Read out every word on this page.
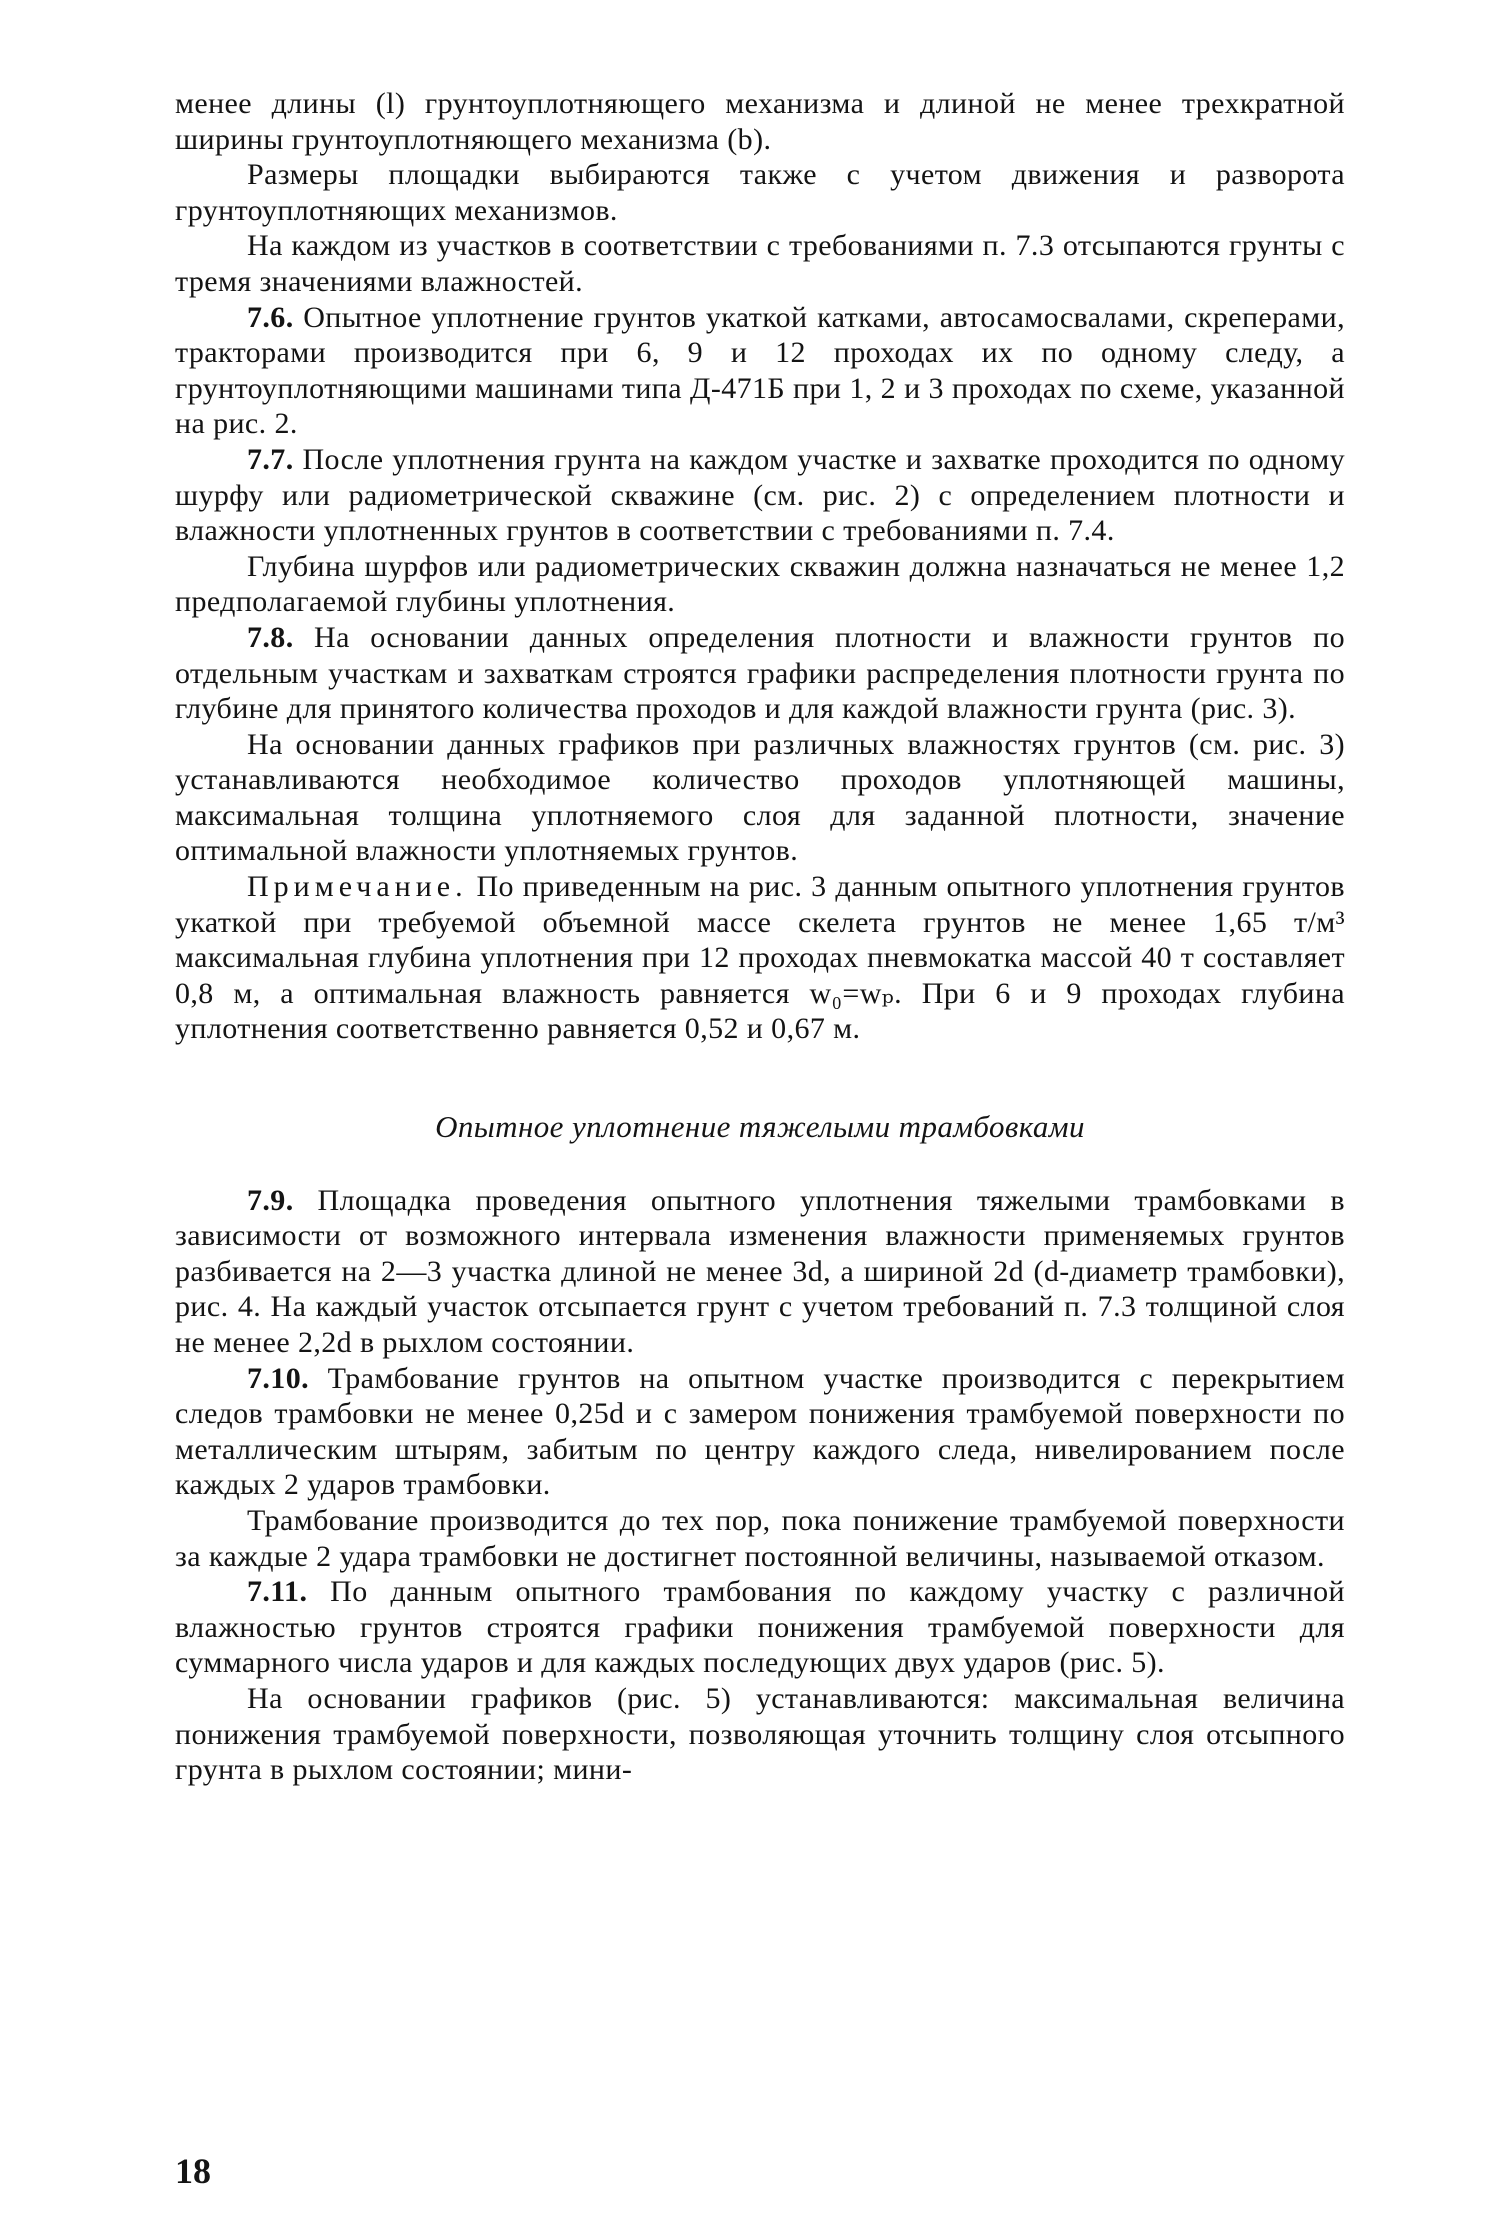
менее длины (l) грунтоуплотняющего механизма и длиной не менее трехкратной ширины грунтоуплотняющего механизма (b).

Размеры площадки выбираются также с учетом движения и разворота грунтоуплотняющих механизмов.

На каждом из участков в соответствии с требованиями п. 7.3 отсыпаются грунты с тремя значениями влажностей.

7.6. Опытное уплотнение грунтов укаткой катками, автосамосвалами, скреперами, тракторами производится при 6, 9 и 12 проходах их по одному следу, а грунтоуплотняющими машинами типа Д-471Б при 1, 2 и 3 проходах по схеме, указанной на рис. 2.

7.7. После уплотнения грунта на каждом участке и захватке проходится по одному шурфу или радиометрической скважине (см. рис. 2) с определением плотности и влажности уплотненных грунтов в соответствии с требованиями п. 7.4.

Глубина шурфов или радиометрических скважин должна назначаться не менее 1,2 предполагаемой глубины уплотнения.

7.8. На основании данных определения плотности и влажности грунтов по отдельным участкам и захваткам строятся графики распределения плотности грунта по глубине для принятого количества проходов и для каждой влажности грунта (рис. 3).

На основании данных графиков при различных влажностях грунтов (см. рис. 3) устанавливаются необходимое количество проходов уплотняющей машины, максимальная толщина уплотняемого слоя для заданной плотности, значение оптимальной влажности уплотняемых грунтов.

Примечание. По приведенным на рис. 3 данным опытного уплотнения грунтов укаткой при требуемой объемной массе скелета грунтов не менее 1,65 т/м³ максимальная глубина уплотнения при 12 проходах пневмокатка массой 40 т составляет 0,8 м, а оптимальная влажность равняется w₀=wₚ. При 6 и 9 проходах глубина уплотнения соответственно равняется 0,52 и 0,67 м.

Опытное уплотнение тяжелыми трамбовками

7.9. Площадка проведения опытного уплотнения тяжелыми трамбовками в зависимости от возможного интервала изменения влажности применяемых грунтов разбивается на 2—3 участка длиной не менее 3d, а шириной 2d (d-диаметр трамбовки), рис. 4. На каждый участок отсыпается грунт с учетом требований п. 7.3 толщиной слоя не менее 2,2d в рыхлом состоянии.

7.10. Трамбование грунтов на опытном участке производится с перекрытием следов трамбовки не менее 0,25d и с замером понижения трамбуемой поверхности по металлическим штырям, забитым по центру каждого следа, нивелированием после каждых 2 ударов трамбовки.

Трамбование производится до тех пор, пока понижение трамбуемой поверхности за каждые 2 удара трамбовки не достигнет постоянной величины, называемой отказом.

7.11. По данным опытного трамбования по каждому участку с различной влажностью грунтов строятся графики понижения трамбуемой поверхности для суммарного числа ударов и для каждых последующих двух ударов (рис. 5).

На основании графиков (рис. 5) устанавливаются: максимальная величина понижения трамбуемой поверхности, позволяющая уточнить толщину слоя отсыпного грунта в рыхлом состоянии; мини-

18
